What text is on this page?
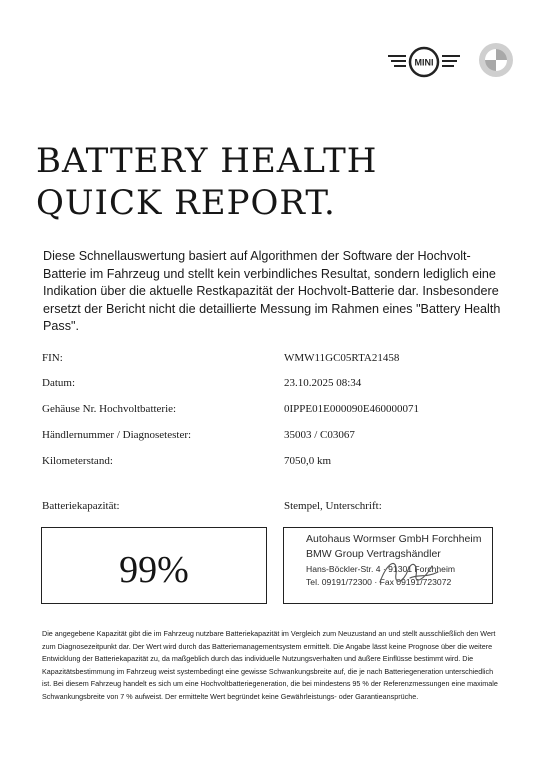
MINI
BATTERY HEALTH
QUICK REPORT.

Diese Schnellauswertung basiert auf Algorithmen der Software der Hochvolt-Batterie im Fahrzeug und stellt kein verbindliches Resultat, sondern lediglich eine Indikation über die aktuelle Restkapazität der Hochvolt-Batterie dar. Insbesondere ersetzt der Bericht nicht die detaillierte Messung im Rahmen eines "Battery Health Pass".

FIN:	WMW11GC05RTA21458
Datum:	23.10.2025 08:34
Gehäuse Nr. Hochvoltbatterie:	0IPPE01E000090E460000071
Händlernummer / Diagnosetester:	35003 / C03067
Kilometerstand:	7050,0 km
Batteriekapazität:	Stempel, Unterschrift:
99%
Autohaus Wormser GmbH Forchheim
BMW Group Vertragshändler
Hans-Böckler-Str. 4 · 91301 Forchheim
Tel. 09191/72300 · Fax 09191/723072

Die angegebene Kapazität gibt die im Fahrzeug nutzbare Batteriekapazität im Vergleich zum Neuzustand an und stellt ausschließlich den Wert zum Diagnosezeitpunkt dar. Der Wert wird durch das Batteriemanagementsystem ermittelt. Die Angabe lässt keine Prognose über die weitere Entwicklung der Batteriekapazität zu, da maßgeblich durch das individuelle Nutzungsverhalten und äußere Einflüsse bestimmt wird. Die Kapazitätsbestimmung im Fahrzeug weist systembedingt eine gewisse Schwankungsbreite auf, die je nach Batteriegeneration unterschiedlich ist. Bei diesem Fahrzeug handelt es sich um eine Hochvoltbatteriegeneration, die bei mindestens 95 % der Referenzmessungen eine maximale Schwankungsbreite von 7 % aufweist. Der ermittelte Wert begründet keine Gewährleistungs- oder Garantieansprüche.
